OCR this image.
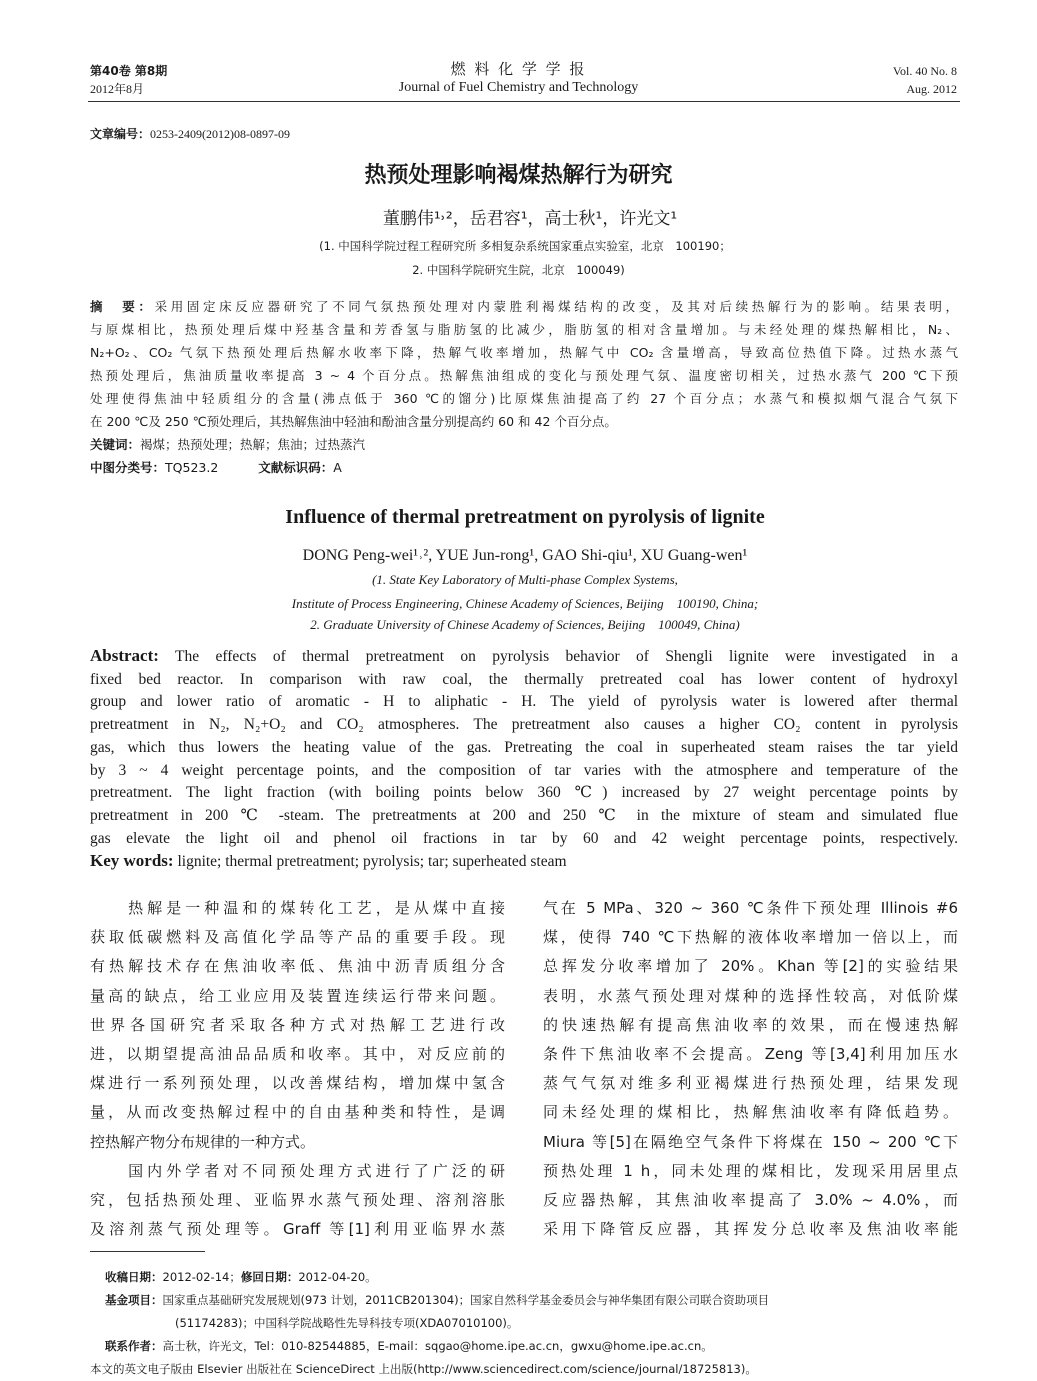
第40卷 第8期
2012年8月
燃 料 化 学 学 报
Journal of Fuel Chemistry and Technology
Vol. 40 No. 8
Aug. 2012
文章编号：0253-2409(2012)08-0897-09
热预处理影响褐煤热解行为研究
董鹏伟¹˒²，岳君容¹，高士秋¹，许光文¹
(1. 中国科学院过程工程研究所 多相复杂系统国家重点实验室，北京　100190；
2. 中国科学院研究生院，北京　100049)
摘　要：采用固定床反应器研究了不同气氛热预处理对内蒙胜利褐煤结构的改变，及其对后续热解行为的影响。结果表明，
与原煤相比，热预处理后煤中羟基含量和芳香氢与脂肪氢的比减少，脂肪氢的相对含量增加。与未经处理的煤热解相比，N₂、
N₂+O₂、CO₂ 气氛下热预处理后热解水收率下降，热解气收率增加，热解气中 CO₂ 含量增高，导致高位热值下降。过热水蒸气
热预处理后，焦油质量收率提高 3 ~ 4 个百分点。热解焦油组成的变化与预处理气氛、温度密切相关，过热水蒸气 200 ℃下预
处理使得焦油中轻质组分的含量(沸点低于 360 ℃的馏分)比原煤焦油提高了约 27 个百分点；水蒸气和模拟烟气混合气氛下
在 200 ℃及 250 ℃预处理后，其热解焦油中轻油和酚油含量分别提高约 60 和 42 个百分点。
关键词：褐煤；热预处理；热解；焦油；过热蒸汽
中图分类号：TQ523.2	文献标识码：A
Influence of thermal pretreatment on pyrolysis of lignite
DONG Peng-wei¹˒², YUE Jun-rong¹, GAO Shi-qiu¹, XU Guang-wen¹
(1. State Key Laboratory of Multi-phase Complex Systems,
Institute of Process Engineering, Chinese Academy of Sciences, Beijing　100190, China;
2. Graduate University of Chinese Academy of Sciences, Beijing　100049, China)
Abstract: The effects of thermal pretreatment on pyrolysis behavior of Shengli lignite were investigated in a
fixed bed reactor. In comparison with raw coal, the thermally pretreated coal has lower content of hydroxyl
group and lower ratio of aromatic - H to aliphatic - H. The yield of pyrolysis water is lowered after thermal
pretreatment in N₂, N₂+O₂ and CO₂ atmospheres. The pretreatment also causes a higher CO₂ content in pyrolysis
gas, which thus lowers the heating value of the gas. Pretreating the coal in superheated steam raises the tar yield
by 3 ~ 4 weight percentage points, and the composition of tar varies with the atmosphere and temperature of the
pretreatment. The light fraction (with boiling points below 360 ℃) increased by 27 weight percentage points by
pretreatment in 200 ℃ -steam. The pretreatments at 200 and 250 ℃ in the mixture of steam and simulated flue
gas elevate the light oil and phenol oil fractions in tar by 60 and 42 weight percentage points, respectively.
Key words: lignite; thermal pretreatment; pyrolysis; tar; superheated steam
　　热解是一种温和的煤转化工艺，是从煤中直接
获取低碳燃料及高值化学品等产品的重要手段。现
有热解技术存在焦油收率低、焦油中沥青质组分含
量高的缺点，给工业应用及装置连续运行带来问题。
世界各国研究者采取各种方式对热解工艺进行改
进，以期望提高油品品质和收率。其中，对反应前的
煤进行一系列预处理，以改善煤结构，增加煤中氢含
量，从而改变热解过程中的自由基种类和特性，是调
控热解产物分布规律的一种方式。
　　国内外学者对不同预处理方式进行了广泛的研
究，包括热预处理、亚临界水蒸气预处理、溶剂溶胀
及溶剂蒸气预处理等。Graff 等[1]利用亚临界水蒸
气在 5 MPa、320 ~ 360 ℃条件下预处理 Illinois #6
煤，使得 740 ℃下热解的液体收率增加一倍以上，而
总挥发分收率增加了 20%。Khan 等[2]的实验结果
表明，水蒸气预处理对煤种的选择性较高，对低阶煤
的快速热解有提高焦油收率的效果，而在慢速热解
条件下焦油收率不会提高。Zeng 等[3,4]利用加压水
蒸气气氛对维多利亚褐煤进行热预处理，结果发现
同未经处理的煤相比，热解焦油收率有降低趋势。
Miura 等[5]在隔绝空气条件下将煤在 150 ~ 200 ℃下
预热处理 1 h，同未处理的煤相比，发现采用居里点
反应器热解，其焦油收率提高了 3.0% ~ 4.0%，而
采用下降管反应器，其挥发分总收率及焦油收率能
收稿日期：2012-02-14；修回日期：2012-04-20。
基金项目：国家重点基础研究发展规划(973 计划，2011CB201304)；国家自然科学基金委员会与神华集团有限公司联合资助项目
(51174283)；中国科学院战略性先导科技专项(XDA07010100)。
联系作者：高士秋，许光文，Tel：010-82544885，E-mail：sqgao@home.ipe.ac.cn，gwxu@home.ipe.ac.cn。
本文的英文电子版由 Elsevier 出版社在 ScienceDirect 上出版(http://www.sciencedirect.com/science/journal/18725813)。
